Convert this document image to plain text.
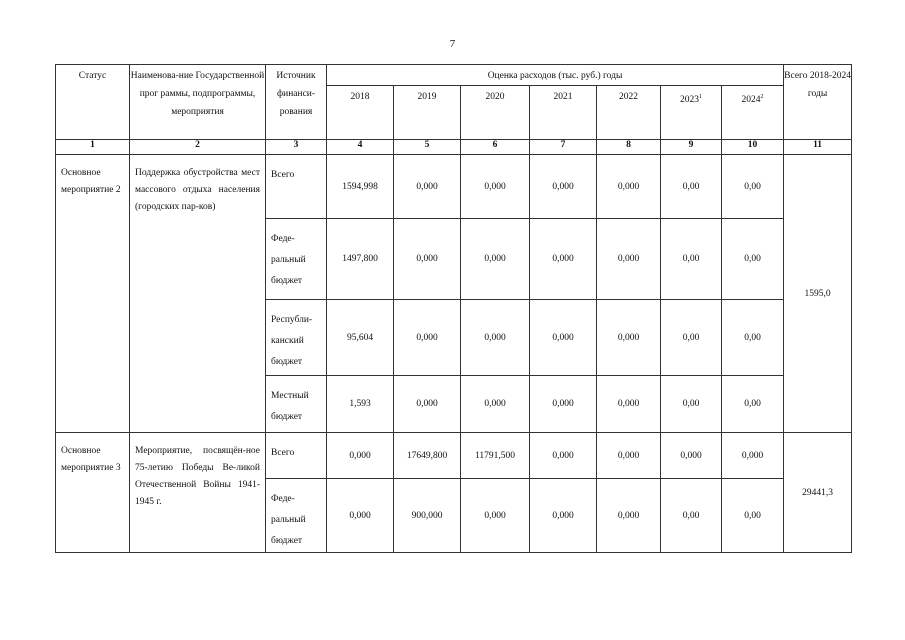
7
Статус	Наименова-ние Государственной прог раммы, подпрограммы, мероприятия	Источник финанси-рования	Оценка расходов (тыс. руб.) годы							Всего 2018-2024 годы
			2018	2019	2020	2021	2022	2023$^1$	2024$^2$
1	2	3	4	5	6	7	8	9	10	11
Основное мероприятие 2	Поддержка обустройства мест массового отдыха населения (городских пар-ков)	Всего	1594,998	0,000	0,000	0,000	0,000	0,00	0,00	1595,0
		Феде-ральный бюджет	1497,800	0,000	0,000	0,000	0,000	0,00	0,00	
		Республи-канский бюджет	95,604	0,000	0,000	0,000	0,000	0,00	0,00	
		Местный бюджет	1,593	0,000	0,000	0,000	0,000	0,00	0,00	
Основное мероприятие 3	Мероприятие, посвящён-ное 75-летию Победы Ве-ликой Отечественной Войны 1941-1945 г.	Всего	0,000	17649,800	11791,500	0,000	0,000	0,000	0,000	29441,3
		Феде-ральный бюджет	0,000	900,000	0,000	0,000	0,000	0,00	0,00	
